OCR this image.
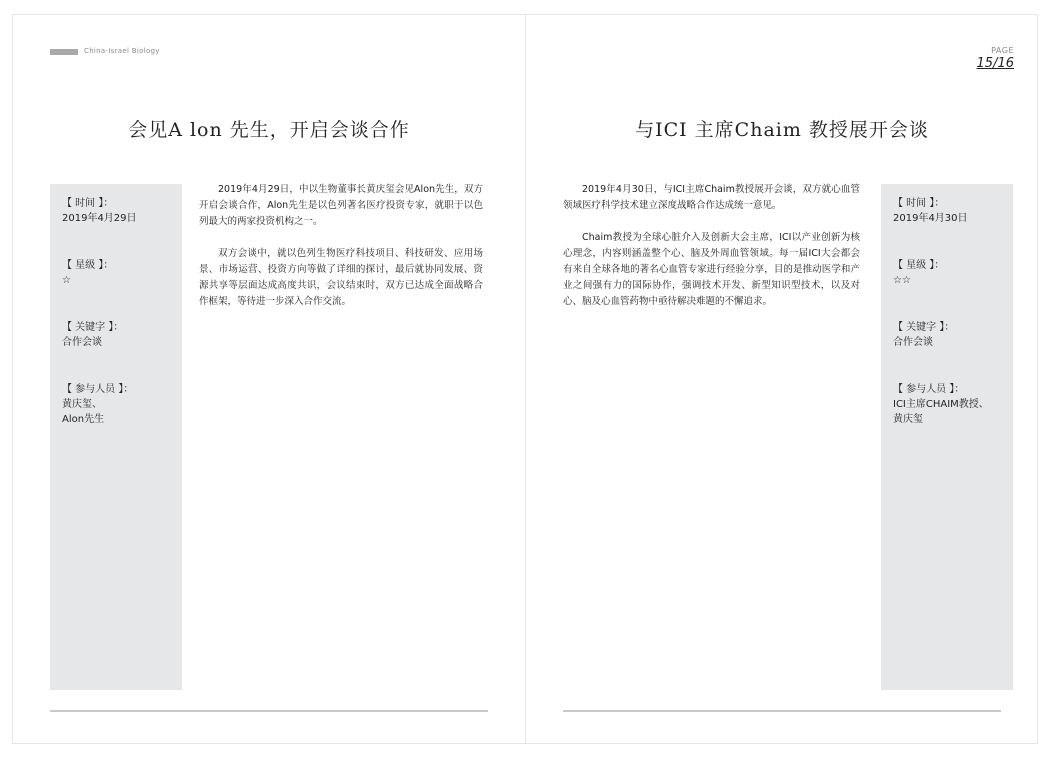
China-Israel Biology
会见A lon 先生，开启会谈合作
【 时间 】：
2019年4月29日
【 星级 】：
☆
【 关键字 】：
合作会谈
【 参与人员 】：
黄庆玺、
Alon先生

2019年4月29日，中以生物董事长黄庆玺会见Alon先生，双方开启会谈合作，Alon先生是以色列著名医疗投资专家，就职于以色列最大的两家投资机构之一。

双方会谈中，就以色列生物医疗科技项目、科技研发、应用场景、市场运营、投资方向等做了详细的探讨，最后就协同发展、资源共享等层面达成高度共识，会议结束时，双方已达成全面战略合作框架，等待进一步深入合作交流。

PAGE
15/16
与ICI 主席Chaim 教授展开会谈

2019年4月30日，与ICI主席Chaim教授展开会谈，双方就心血管领域医疗科学技术建立深度战略合作达成统一意见。

Chaim教授为全球心脏介入及创新大会主席，ICI以产业创新为核心理念，内容则涵盖整个心、脑及外周血管领域。每一届ICI大会都会有来自全球各地的著名心血管专家进行经验分享，目的是推动医学和产业之间强有力的国际协作，强调技术开发、新型知识型技术，以及对心、脑及心血管药物中亟待解决难题的不懈追求。

【 时间 】：
2019年4月30日
【 星级 】：
☆☆
【 关键字 】：
合作会谈
【 参与人员 】：
ICI主席CHAIM教授、
黄庆玺
